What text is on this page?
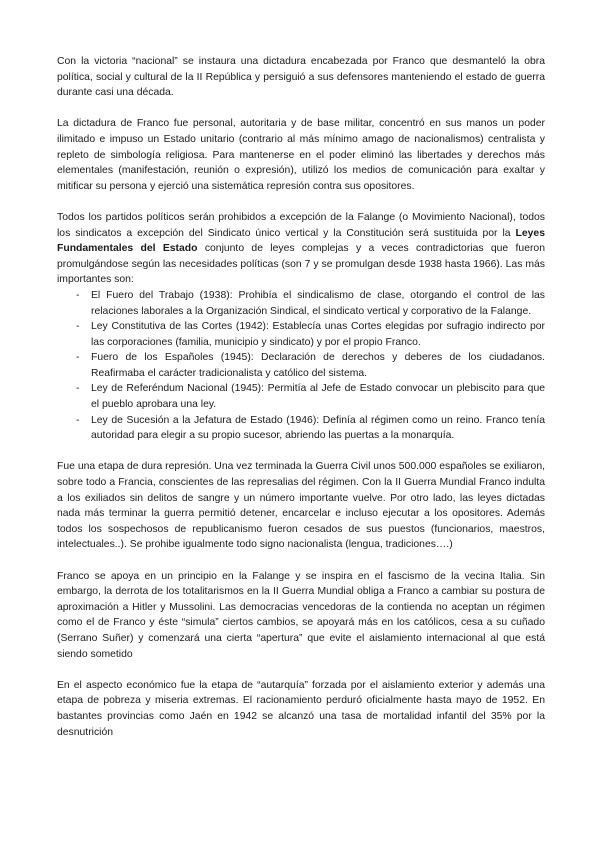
Con la victoria “nacional” se instaura una dictadura encabezada por Franco que desmanteló la obra política, social y cultural de la II República y persiguió a sus defensores manteniendo el estado de guerra durante casi una década.

La dictadura de Franco fue personal, autoritaria y de base militar, concentró en sus manos un poder ilimitado e impuso un Estado unitario (contrario al más mínimo amago de nacionalismos) centralista y repleto de simbología religiosa. Para mantenerse en el poder eliminó las libertades y derechos más elementales (manifestación, reunión o expresión), utilizó los medios de comunicación para exaltar y mitificar su persona y ejerció una sistemática represión contra sus opositores.

Todos los partidos políticos serán prohibidos a excepción de la Falange (o Movimiento Nacional), todos los sindicatos a excepción del Sindicato único vertical y la Constitución será sustituida por la Leyes Fundamentales del Estado conjunto de leyes complejas y a veces contradictorias que fueron promulgándose según las necesidades políticas (son 7 y se promulgan desde 1938 hasta 1966). Las más importantes son:

- El Fuero del Trabajo (1938): Prohibía el sindicalismo de clase, otorgando el control de las relaciones laborales a la Organización Sindical, el sindicato vertical y corporativo de la Falange.
- Ley Constitutiva de las Cortes (1942): Establecía unas Cortes elegidas por sufragio indirecto por las corporaciones (familia, municipio y sindicato) y por el propio Franco.
- Fuero de los Españoles (1945): Declaración de derechos y deberes de los ciudadanos. Reafirmaba el carácter tradicionalista y católico del sistema.
- Ley de Referéndum Nacional (1945): Permitía al Jefe de Estado convocar un plebiscito para que el pueblo aprobara una ley.
- Ley de Sucesión a la Jefatura de Estado (1946): Definía al régimen como un reino. Franco tenía autoridad para elegir a su propio sucesor, abriendo las puertas a la monarquía.

Fue una etapa de dura represión. Una vez terminada la Guerra Civil unos 500.000 españoles se exiliaron, sobre todo a Francia, conscientes de las represalias del régimen. Con la II Guerra Mundial Franco indulta a los exiliados sin delitos de sangre y un número importante vuelve. Por otro lado, las leyes dictadas nada más terminar la guerra permitió detener, encarcelar e incluso ejecutar a los opositores. Además todos los sospechosos de republicanismo fueron cesados de sus puestos (funcionarios, maestros, intelectuales..). Se prohibe igualmente todo signo nacionalista (lengua, tradiciones….)

Franco se apoya en un principio en la Falange y se inspira en el fascismo de la vecina Italia. Sin embargo, la derrota de los totalitarismos en la II Guerra Mundial obliga a Franco a cambiar su postura de aproximación a Hitler y Mussolini. Las democracias vencedoras de la contienda no aceptan un régimen como el de Franco y éste “simula” ciertos cambios, se apoyará más en los católicos, cesa a su cuñado (Serrano Suñer) y comenzará una cierta “apertura” que evite el aislamiento internacional al que está siendo sometido

En el aspecto económico fue la etapa de “autarquía” forzada por el aislamiento exterior y además una etapa de pobreza y miseria extremas. El racionamiento perduró oficialmente hasta mayo de 1952. En bastantes provincias como Jaén en 1942 se alcanzó una tasa de mortalidad infantil del 35% por la desnutrición
